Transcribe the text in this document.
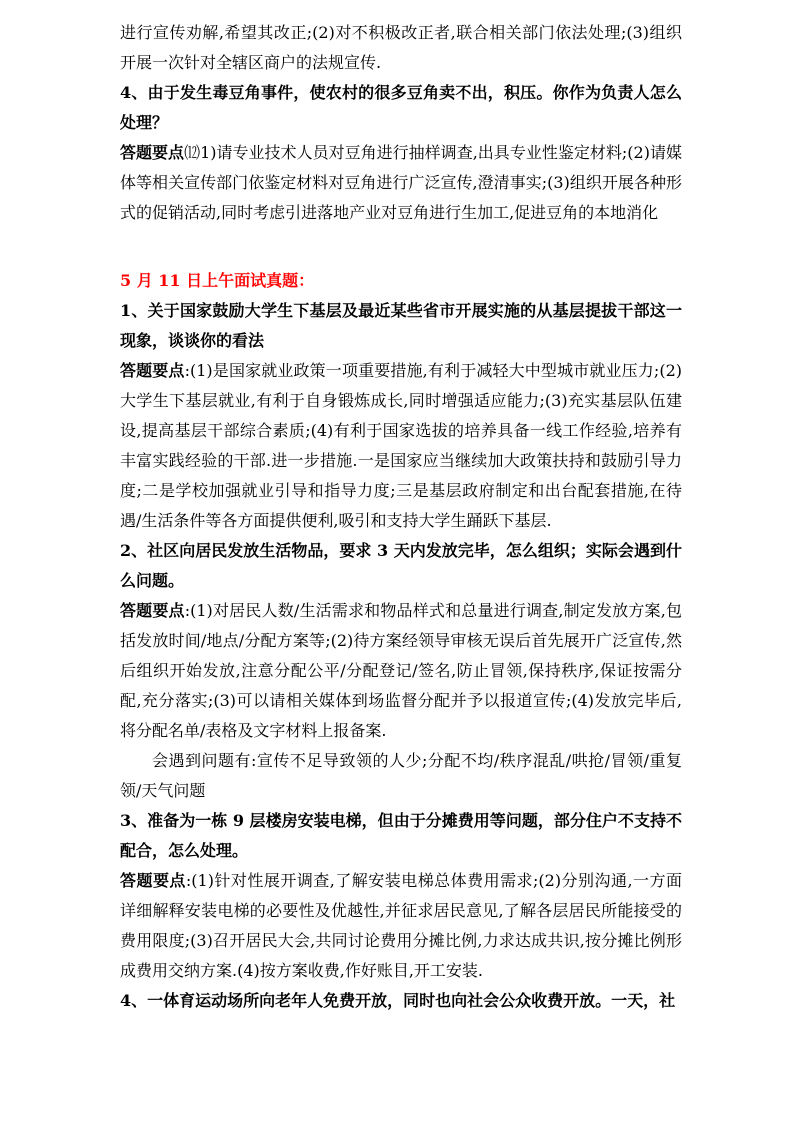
进行宣传劝解,希望其改正;(2)对不积极改正者,联合相关部门依法处理;(3)组织开展一次针对全辖区商户的法规宣传.

4、由于发生毒豆角事件，使农村的很多豆角卖不出，积压。你作为负责人怎么处理？

答题要点⑿1)请专业技术人员对豆角进行抽样调查,出具专业性鉴定材料;(2)请媒体等相关宣传部门依鉴定材料对豆角进行广泛宣传,澄清事实;(3)组织开展各种形式的促销活动,同时考虑引进落地产业对豆角进行生加工,促进豆角的本地消化

5 月 11 日上午面试真题：

1、关于国家鼓励大学生下基层及最近某些省市开展实施的从基层提拔干部这一现象，谈谈你的看法

答题要点:(1)是国家就业政策一项重要措施,有利于减轻大中型城市就业压力;(2)大学生下基层就业,有利于自身锻炼成长,同时增强适应能力;(3)充实基层队伍建设,提高基层干部综合素质;(4)有利于国家选拔的培养具备一线工作经验,培养有丰富实践经验的干部.进一步措施.一是国家应当继续加大政策扶持和鼓励引导力度;二是学校加强就业引导和指导力度;三是基层政府制定和出台配套措施,在待遇/生活条件等各方面提供便利,吸引和支持大学生踊跃下基层.

2、社区向居民发放生活物品，要求 3 天内发放完毕，怎么组织；实际会遇到什么问题。

答题要点:(1)对居民人数/生活需求和物品样式和总量进行调查,制定发放方案,包括发放时间/地点/分配方案等;(2)待方案经领导审核无误后首先展开广泛宣传,然后组织开始发放,注意分配公平/分配登记/签名,防止冒领,保持秩序,保证按需分配,充分落实;(3)可以请相关媒体到场监督分配并予以报道宣传;(4)发放完毕后,将分配名单/表格及文字材料上报备案.

会遇到问题有:宣传不足导致领的人少;分配不均/秩序混乱/哄抢/冒领/重复领/天气问题

3、准备为一栋 9 层楼房安装电梯，但由于分摊费用等问题，部分住户不支持不配合，怎么处理。

答题要点:(1)针对性展开调查,了解安装电梯总体费用需求;(2)分别沟通,一方面详细解释安装电梯的必要性及优越性,并征求居民意见,了解各层居民所能接受的费用限度;(3)召开居民大会,共同讨论费用分摊比例,力求达成共识,按分摊比例形成费用交纳方案.(4)按方案收费,作好账目,开工安装.

4、一体育运动场所向老年人免费开放，同时也向社会公众收费开放。一天，社
